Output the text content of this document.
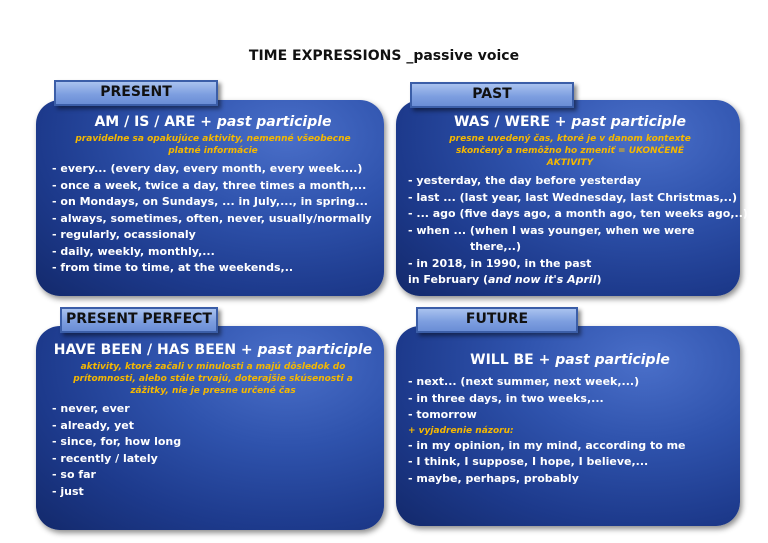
TIME EXPRESSIONS _passive voice
AM / IS / ARE + past participle
pravidelne sa opakujúce aktivity, nemenné všeobecne platné informácie
- every... (every day, every month, every week....)
- once a week, twice a day, three times a month,...
- on Mondays, on Sundays, ... in July,..., in spring...
- always, sometimes, often, never, usually/normally
- regularly, ocassionaly
- daily, weekly, monthly,...
- from time to time, at the weekends,..
PRESENT
WAS / WERE + past participle
presne uvedený čas, ktoré je v danom kontexte skončený a nemôžno ho zmeniť = UKONČENÉ AKTIVITY
- yesterday, the day before yesterday
- last ... (last year, last Wednesday, last Christmas,..)
- ... ago (five days ago, a month ago, ten weeks ago,..)
- when ... (when I was younger, when we were
there,..)
- in 2018, in 1990, in the past
in February (and now it's April)
PAST
HAVE BEEN / HAS BEEN + past participle
aktivity, ktoré začali v minulosti a majú dôsledok do prítomnosti, alebo stále trvajú, doterajšie skúsenosti a zážitky, nie je presne určené čas
- never, ever
- already, yet
- since, for, how long
- recently / lately
- so far
- just
PRESENT PERFECT
WILL BE + past participle
- next... (next summer, next week,...)
- in three days, in two weeks,...
- tomorrow
+ vyjadrenie názoru:
- in my opinion, in my mind, according to me
- I think, I suppose, I hope, I believe,...
- maybe, perhaps, probably
FUTURE
